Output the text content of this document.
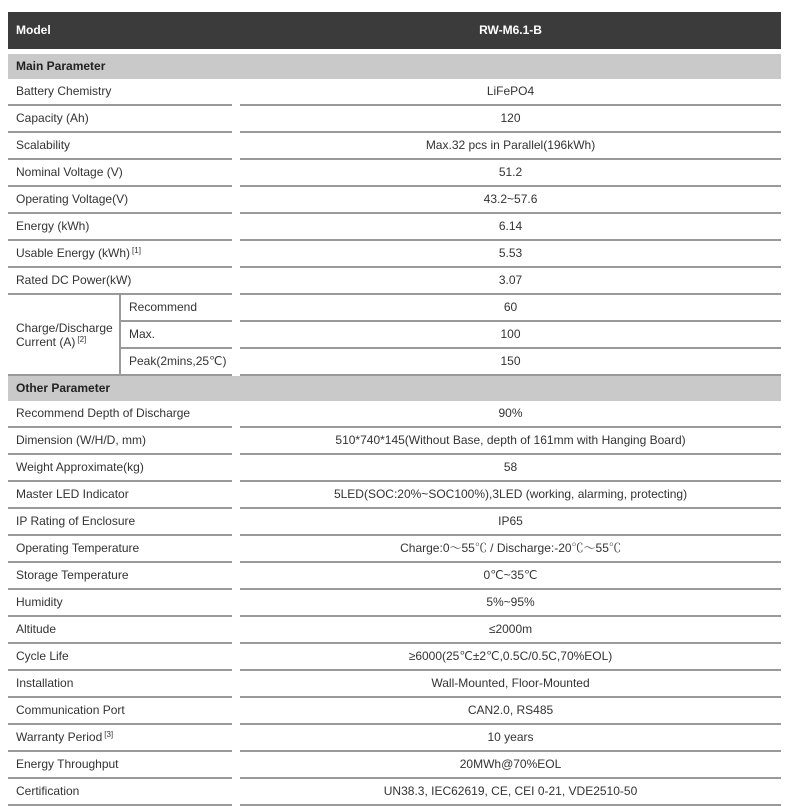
Model			RW-M6.1-B

Main Parameter			
Battery Chemistry			LiFePO4
Capacity (Ah)			120
Scalability			Max.32 pcs in Parallel(196kWh)
Nominal Voltage (V)			51.2
Operating Voltage(V)			43.2~57.6
Energy (kWh)			6.14
Usable Energy (kWh) [1]			5.53
Rated DC Power(kW)			3.07
Charge/Discharge
Current (A) [2]	Recommend		60
	Max.		100
	Peak(2mins,25℃)		150
Other Parameter			
Recommend Depth of Discharge			90%
Dimension (W/H/D, mm)			510*740*145(Without Base, depth of 161mm with Hanging Board)
Weight Approximate(kg)			58
Master LED Indicator			5LED(SOC:20%~SOC100%),3LED (working, alarming, protecting)
IP Rating of Enclosure			IP65
Operating Temperature			Charge:0～55℃ / Discharge:-20℃～55℃
Storage Temperature			0℃~35℃
Humidity			5%~95%
Altitude			≤2000m
Cycle Life			≥6000(25℃±2℃,0.5C/0.5C,70%EOL)
Installation			Wall-Mounted, Floor-Mounted
Communication Port			CAN2.0, RS485
Warranty Period [3]			10 years
Energy Throughput			20MWh@70%EOL
Certification			UN38.3, IEC62619, CE, CEI 0-21, VDE2510-50
